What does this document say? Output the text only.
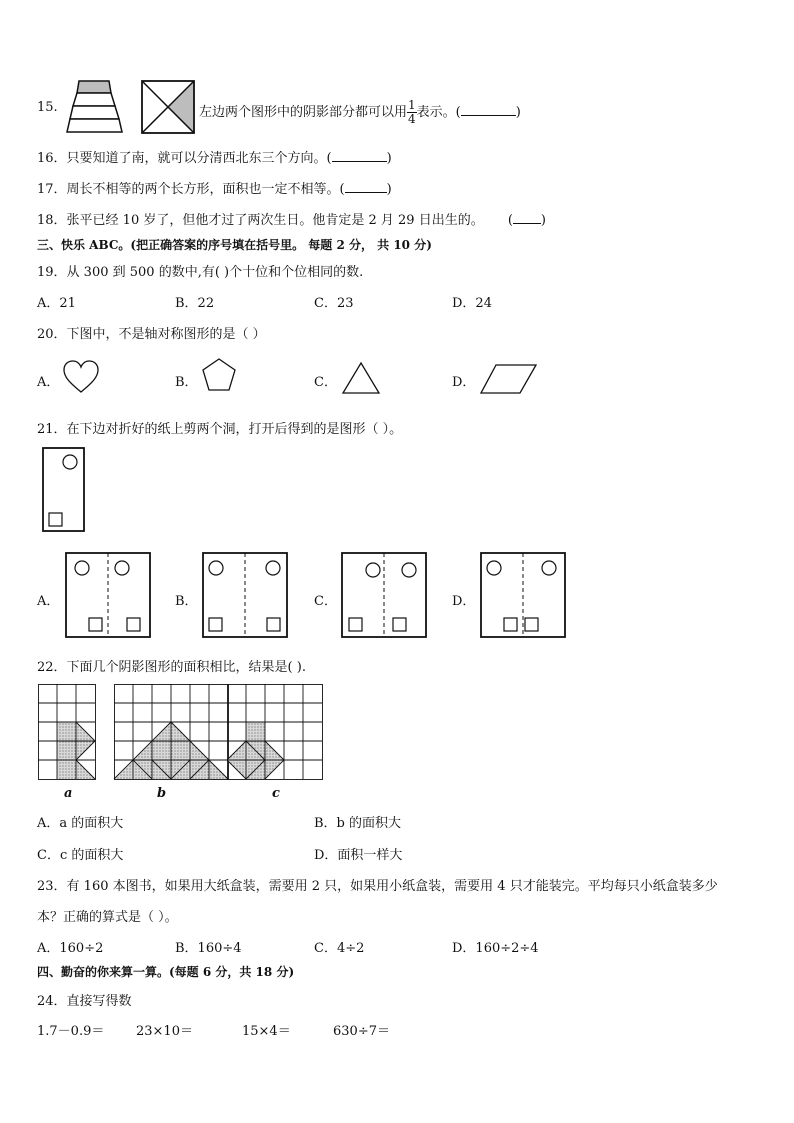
15.	左边两个图形中的阴影部分都可以用 $\frac{1}{4}$ 表示。(	)
16．只要知道了南，就可以分清西北东三个方向。(	)
17．周长不相等的两个长方形，面积也一定不相等。(	)
18．张平已经 10 岁了，但他才过了两次生日。他肯定是 2 月 29 日出生的。 ( )
三、快乐 ABC。(把正确答案的序号填在括号里。 每题 2 分， 共 10 分)
19．从 300 到 500 的数中,有( )个十位和个位相同的数.
A．21	B．22	C．23	D．24
20．下图中，不是轴对称图形的是（ ）
A．	B．	C．	D．
21．在下边对折好的纸上剪两个洞，打开后得到的是图形（ ）。
A．	B．	C．	D．
22．下面几个阴影图形的面积相比，结果是( ).
a	b	c
A．a 的面积大	B．b 的面积大
C．c 的面积大	D．面积一样大
23．有 160 本图书，如果用大纸盒装，需要用 2 只，如果用小纸盒装，需要用 4 只才能装完。平均每只小纸盒装多少
本？正确的算式是（ ）。
A．160÷2	B．160÷4	C．4÷2	D．160÷2÷4
四、勤奋的你来算一算。(每题 6 分，共 18 分)
24．直接写得数
1.7－0.9＝ 23×10＝	15×4＝	630÷7＝
